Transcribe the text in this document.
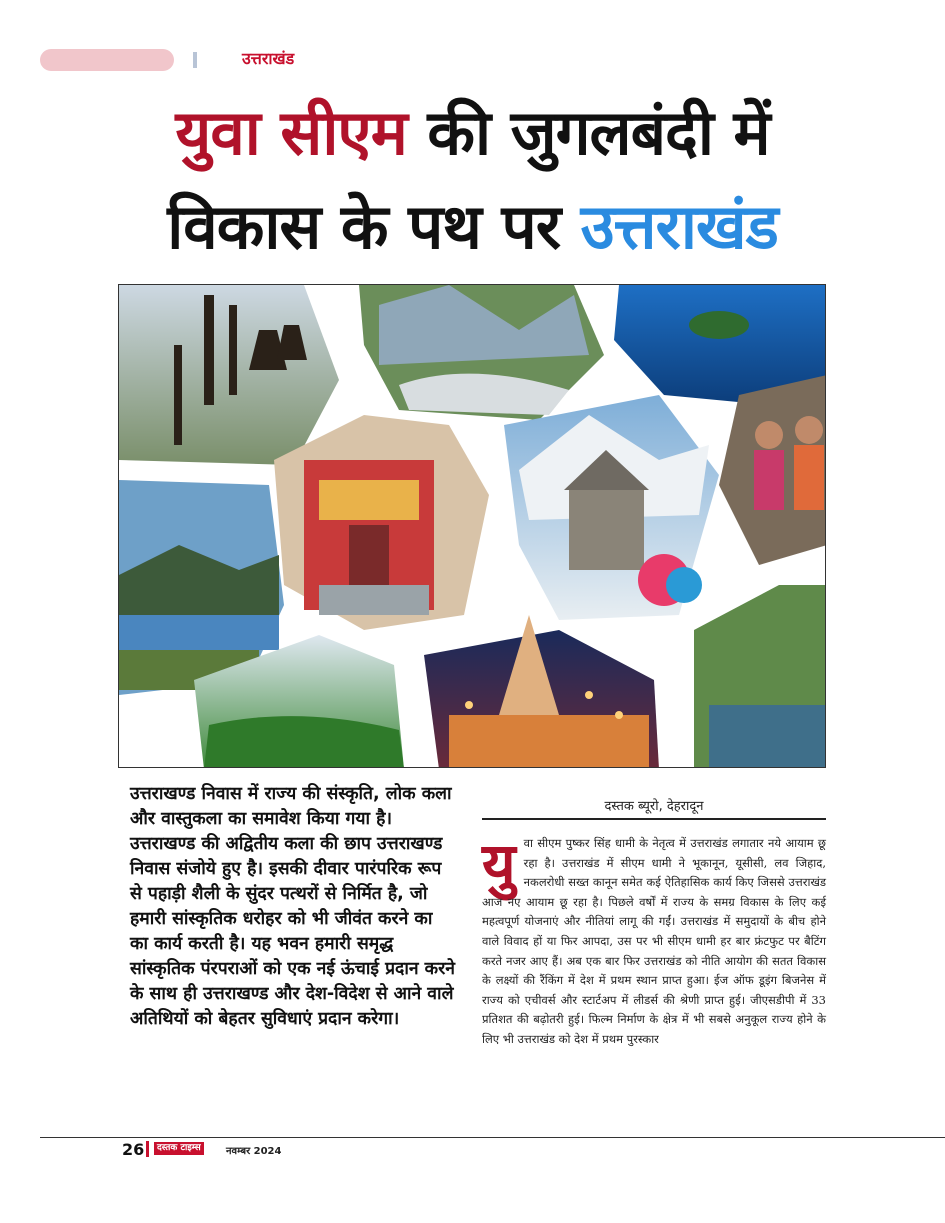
उत्तराखंड
युवा सीएम की जुगलबंदी में
विकास के पथ पर उत्तराखंड
उत्तराखण्ड निवास में राज्य की संस्कृति, लोक कला और वास्तुकला का समावेश किया गया है। उत्तराखण्ड की अद्वितीय कला की छाप उत्तराखण्ड निवास संजोये हुए है। इसकी दीवार पारंपरिक रूप से पहाड़ी शैली के सुंदर पत्थरों से निर्मित है, जो हमारी सांस्कृतिक धरोहर को भी जीवंत करने का का कार्य करती है। यह भवन हमारी समृद्ध सांस्कृतिक पंरपराओं को एक नई ऊंचाई प्रदान करने के साथ ही उत्तराखण्ड और देश-विदेश से आने वाले अतिथियों को बेहतर सुविधाएं प्रदान करेगा।
दस्तक ब्यूरो, देहरादून
युवा सीएम पुष्कर सिंह धामी के नेतृत्व में उत्तराखंड लगातार नये आयाम छू रहा है। उत्तराखंड में सीएम धामी ने भूकानून, यूसीसी, लव जिहाद, नकलरोधी सख्त कानून समेत कई ऐतिहासिक कार्य किए जिससे उत्तराखंड आज नए आयाम छू रहा है। पिछले वर्षों में राज्य के समग्र विकास के लिए कई महत्वपूर्ण योजनाएं और नीतियां लागू की गईं। उत्तराखंड में समुदायों के बीच होने वाले विवाद हों या फिर आपदा, उस पर भी सीएम धामी हर बार फ्रंटफुट पर बैटिंग करते नजर आए हैं। अब एक बार फिर उत्तराखंड को नीति आयोग की सतत विकास के लक्ष्यों की रैंकिंग में देश में प्रथम स्थान प्राप्त हुआ। ईज ऑफ डूइंग बिजनेस में राज्य को एचीवर्स और स्टार्टअप में लीडर्स की श्रेणी प्राप्त हुई। जीएसडीपी में 33 प्रतिशत की बढ़ोतरी हुई। फिल्म निर्माण के क्षेत्र में भी सबसे अनुकूल राज्य होने के लिए भी उत्तराखंड को देश में प्रथम पुरस्कार
26	दस्तक टाइम्स	नवम्बर 2024
